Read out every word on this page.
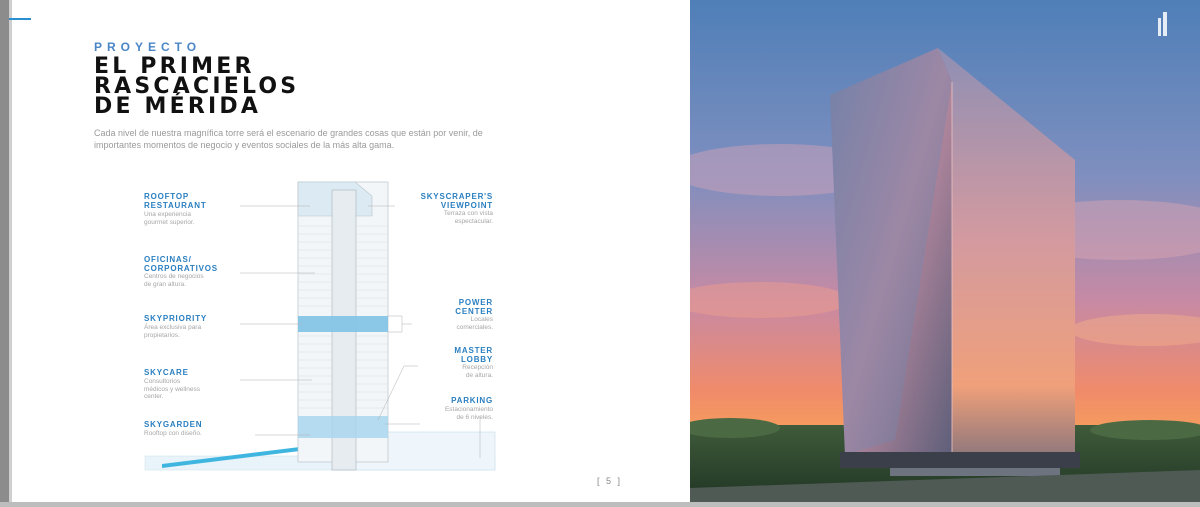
PROYECTO
EL PRIMER
RASCACIELOS
DE MÉRIDA
Cada nivel de nuestra magnífica torre será el escenario de grandes cosas que están por venir, de importantes momentos de negocio y eventos sociales de la más alta gama.
ROOFTOP
RESTAURANT
Una experiencia
gourmet superior.
OFICINAS/
CORPORATIVOS
Centros de negocios
de gran altura.
SKYPRIORITY
Área exclusiva para
propietarios.
SKYCARE
Consultorios
médicos y wellness
center.
SKYGARDEN
Rooftop con diseño.
SKYSCRAPER'S
VIEWPOINT
Terraza con vista
espectacular.
POWER
CENTER
Locales
comerciales.
MASTER
LOBBY
Recepción
de altura.
PARKING
Estacionamiento
de 6 niveles.
[ 5 ]
